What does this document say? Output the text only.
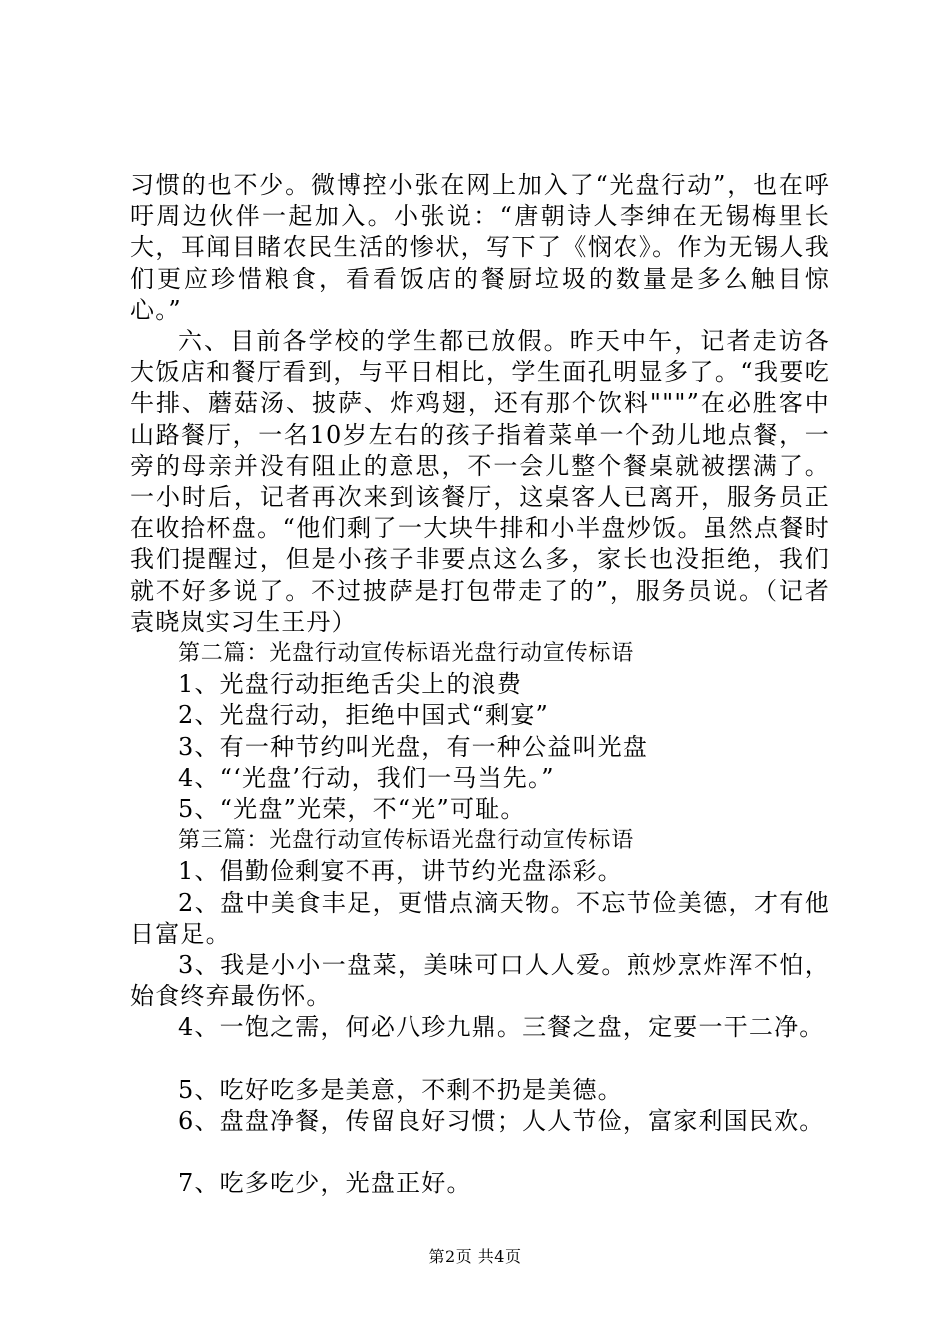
习惯的也不少。微博控小张在网上加入了“光盘行动”，也在呼吁周边伙伴一起加入。小张说：“唐朝诗人李绅在无锡梅里长大，耳闻目睹农民生活的惨状，写下了《悯农》。作为无锡人我们更应珍惜粮食，看看饭店的餐厨垃圾的数量是多么触目惊心。”

六、目前各学校的学生都已放假。昨天中午，记者走访各大饭店和餐厅看到，与平日相比，学生面孔明显多了。“我要吃牛排、蘑菇汤、披萨、炸鸡翅，还有那个饮料"""”在必胜客中山路餐厅，一名10岁左右的孩子指着菜单一个劲儿地点餐，一旁的母亲并没有阻止的意思，不一会儿整个餐桌就被摆满了。一小时后，记者再次来到该餐厅，这桌客人已离开，服务员正在收拾杯盘。“他们剩了一大块牛排和小半盘炒饭。虽然点餐时我们提醒过，但是小孩子非要点这么多，家长也没拒绝，我们就不好多说了。不过披萨是打包带走了的”，服务员说。（记者袁晓岚实习生王丹）

第二篇：光盘行动宣传标语光盘行动宣传标语

1、光盘行动拒绝舌尖上的浪费

2、光盘行动，拒绝中国式“剩宴”

3、有一种节约叫光盘，有一种公益叫光盘

4、“‘光盘’行动，我们一马当先。”

5、“光盘”光荣，不“光”可耻。

第三篇：光盘行动宣传标语光盘行动宣传标语

1、倡勤俭剩宴不再，讲节约光盘添彩。

2、盘中美食丰足，更惜点滴天物。不忘节俭美德，才有他日富足。

3、我是小小一盘菜，美味可口人人爱。煎炒烹炸浑不怕，始食终弃最伤怀。

4、一饱之需，何必八珍九鼎。三餐之盘，定要一干二净。

5、吃好吃多是美意，不剩不扔是美德。

6、盘盘净餐，传留良好习惯；人人节俭，富家利国民欢。

7、吃多吃少，光盘正好。

第2页 共4页
